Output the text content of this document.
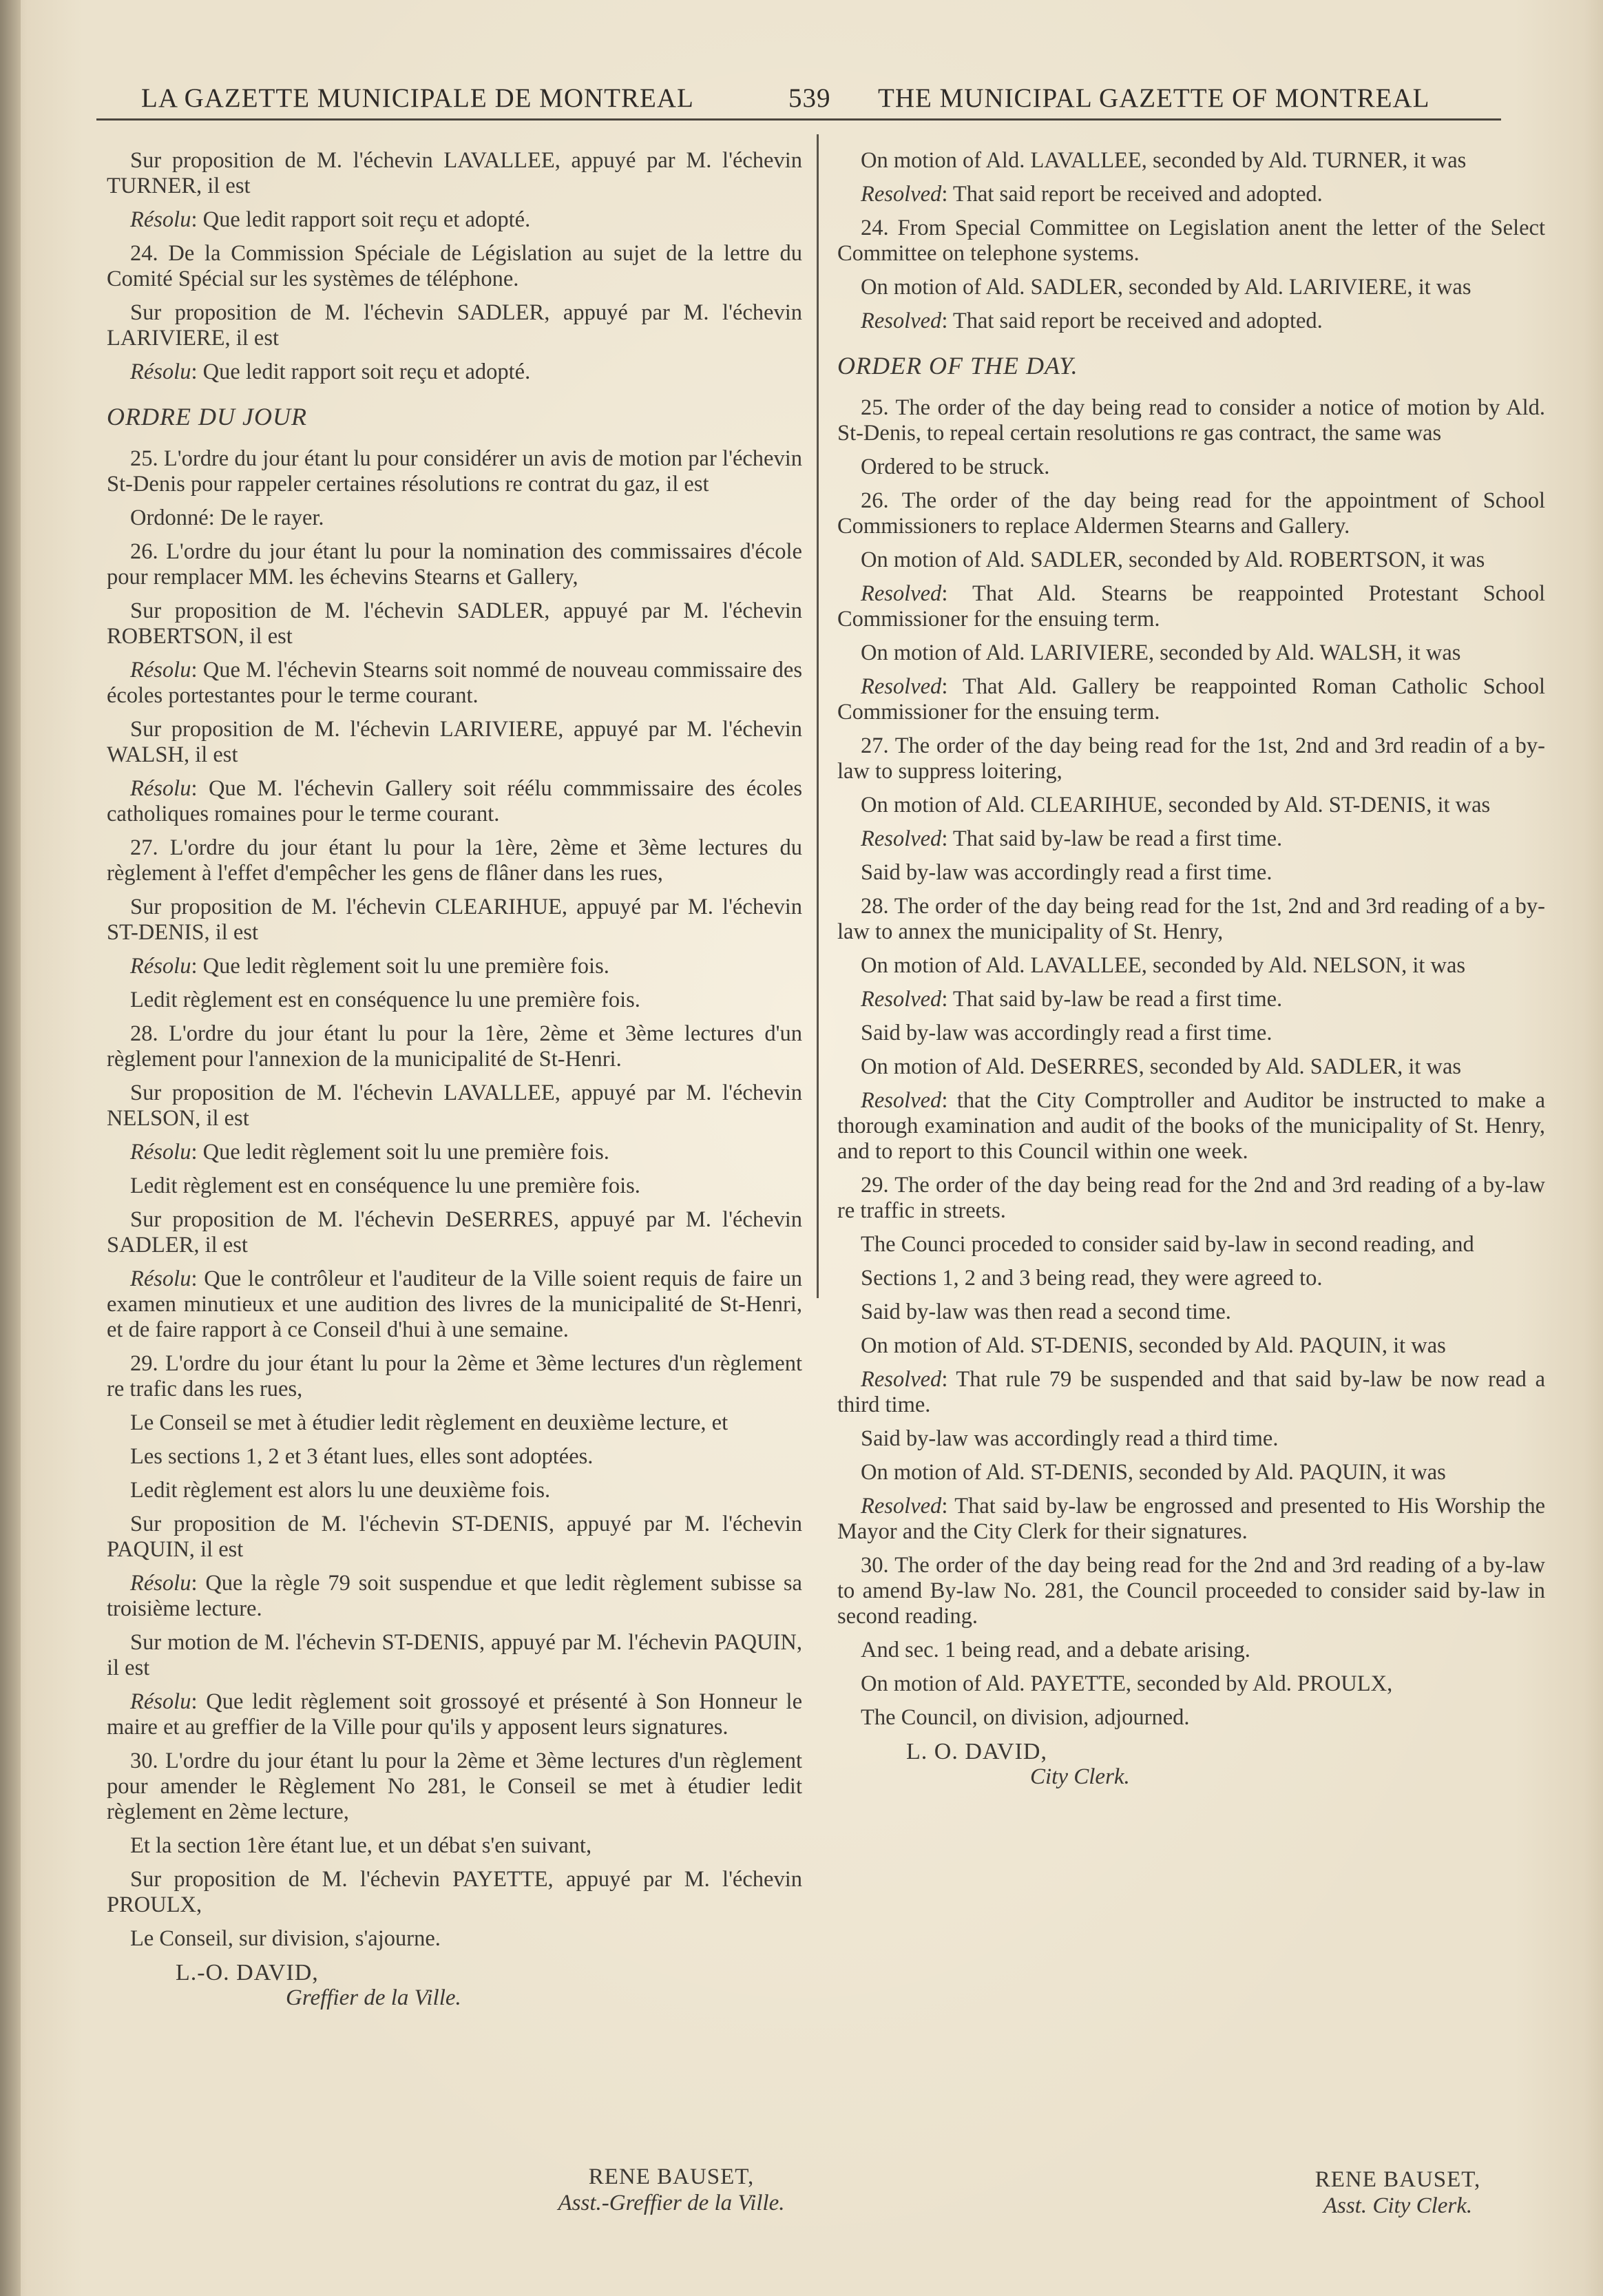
LA GAZETTE MUNICIPALE DE MONTREAL	539 THE MUNICIPAL GAZETTE OF MONTREAL

Sur proposition de M. l'échevin LAVALLEE, appuyé par M. l'échevin TURNER, il est

Résolu: Que ledit rapport soit reçu et adopté.

24. De la Commission Spéciale de Législation au sujet de la lettre du Comité Spécial sur les systèmes de téléphone.

Sur proposition de M. l'échevin SADLER, appuyé par M. l'échevin LARIVIERE, il est

Résolu: Que ledit rapport soit reçu et adopté.

ORDRE DU JOUR

25. L'ordre du jour étant lu pour considérer un avis de motion par l'échevin St-Denis pour rappeler certaines résolutions re contrat du gaz, il est

Ordonné: De le rayer.

26. L'ordre du jour étant lu pour la nomination des commissaires d'école pour remplacer MM. les échevins Stearns et Gallery,

Sur proposition de M. l'échevin SADLER, appuyé par M. l'échevin ROBERTSON, il est

Résolu: Que M. l'échevin Stearns soit nommé de nouveau commissaire des écoles portestantes pour le terme courant.

Sur proposition de M. l'échevin LARIVIERE, appuyé par M. l'échevin WALSH, il est

Résolu: Que M. l'échevin Gallery soit réélu commmissaire des écoles catholiques romaines pour le terme courant.

27. L'ordre du jour étant lu pour la 1ère, 2ème et 3ème lectures du règlement à l'effet d'empêcher les gens de flâner dans les rues,

Sur proposition de M. l'échevin CLEARIHUE, appuyé par M. l'échevin ST-DENIS, il est

Résolu: Que ledit règlement soit lu une première fois.

Ledit règlement est en conséquence lu une première fois.

28. L'ordre du jour étant lu pour la 1ère, 2ème et 3ème lectures d'un règlement pour l'annexion de la municipalité de St-Henri.

Sur proposition de M. l'échevin LAVALLEE, appuyé par M. l'échevin NELSON, il est

Résolu: Que ledit règlement soit lu une première fois.

Ledit règlement est en conséquence lu une première fois.

Sur proposition de M. l'échevin DeSERRES, appuyé par M. l'échevin SADLER, il est

Résolu: Que le contrôleur et l'auditeur de la Ville soient requis de faire un examen minutieux et une audition des livres de la municipalité de St-Henri, et de faire rapport à ce Conseil d'hui à une semaine.

29. L'ordre du jour étant lu pour la 2ème et 3ème lectures d'un règlement re trafic dans les rues,

Le Conseil se met à étudier ledit règlement en deuxième lecture, et

Les sections 1, 2 et 3 étant lues, elles sont adoptées.

Ledit règlement est alors lu une deuxième fois.

Sur proposition de M. l'échevin ST-DENIS, appuyé par M. l'échevin PAQUIN, il est

Résolu: Que la règle 79 soit suspendue et que ledit règlement subisse sa troisième lecture.

Sur motion de M. l'échevin ST-DENIS, appuyé par M. l'échevin PAQUIN, il est

Résolu: Que ledit règlement soit grossoyé et présenté à Son Honneur le maire et au greffier de la Ville pour qu'ils y apposent leurs signatures.

30. L'ordre du jour étant lu pour la 2ème et 3ème lectures d'un règlement pour amender le Règlement No 281, le Conseil se met à étudier ledit règlement en 2ème lecture,

Et la section 1ère étant lue, et un débat s'en suivant,

Sur proposition de M. l'échevin PAYETTE, appuyé par M. l'échevin PROULX,

Le Conseil, sur division, s'ajourne.

L.-O. DAVID,
Greffier de la Ville.

On motion of Ald. LAVALLEE, seconded by Ald. TURNER, it was

Resolved: That said report be received and adopted.

24. From Special Committee on Legislation anent the letter of the Select Committee on telephone systems.

On motion of Ald. SADLER, seconded by Ald. LARIVIERE, it was

Resolved: That said report be received and adopted.

ORDER OF THE DAY.

25. The order of the day being read to consider a notice of motion by Ald. St-Denis, to repeal certain resolutions re gas contract, the same was

Ordered to be struck.

26. The order of the day being read for the appointment of School Commissioners to replace Aldermen Stearns and Gallery.

On motion of Ald. SADLER, seconded by Ald. ROBERTSON, it was

Resolved: That Ald. Stearns be reappointed Protestant School Commissioner for the ensuing term.

On motion of Ald. LARIVIERE, seconded by Ald. WALSH, it was

Resolved: That Ald. Gallery be reappointed Roman Catholic School Commissioner for the ensuing term.

27. The order of the day being read for the 1st, 2nd and 3rd readin of a by-law to suppress loitering,

On motion of Ald. CLEARIHUE, seconded by Ald. ST-DENIS, it was

Resolved: That said by-law be read a first time.

Said by-law was accordingly read a first time.

28. The order of the day being read for the 1st, 2nd and 3rd reading of a by-law to annex the municipality of St. Henry,

On motion of Ald. LAVALLEE, seconded by Ald. NELSON, it was

Resolved: That said by-law be read a first time.

Said by-law was accordingly read a first time.

On motion of Ald. DeSERRES, seconded by Ald. SADLER, it was

Resolved: that the City Comptroller and Auditor be instructed to make a thorough examination and audit of the books of the municipality of St. Henry, and to report to this Council within one week.

29. The order of the day being read for the 2nd and 3rd reading of a by-law re traffic in streets.

The Counci proceded to consider said by-law in second reading, and

Sections 1, 2 and 3 being read, they were agreed to.

Said by-law was then read a second time.

On motion of Ald. ST-DENIS, seconded by Ald. PAQUIN, it was

Resolved: That rule 79 be suspended and that said by-law be now read a third time.

Said by-law was accordingly read a third time.

On motion of Ald. ST-DENIS, seconded by Ald. PAQUIN, it was

Resolved: That said by-law be engrossed and presented to His Worship the Mayor and the City Clerk for their signatures.

30. The order of the day being read for the 2nd and 3rd reading of a by-law to amend By-law No. 281, the Council proceeded to consider said by-law in second reading.

And sec. 1 being read, and a debate arising.

On motion of Ald. PAYETTE, seconded by Ald. PROULX,

The Council, on division, adjourned.

L. O. DAVID,
City Clerk.

RENE BAUSET,
Asst.-Greffier de la Ville.
RENE BAUSET,
Asst. City Clerk.
